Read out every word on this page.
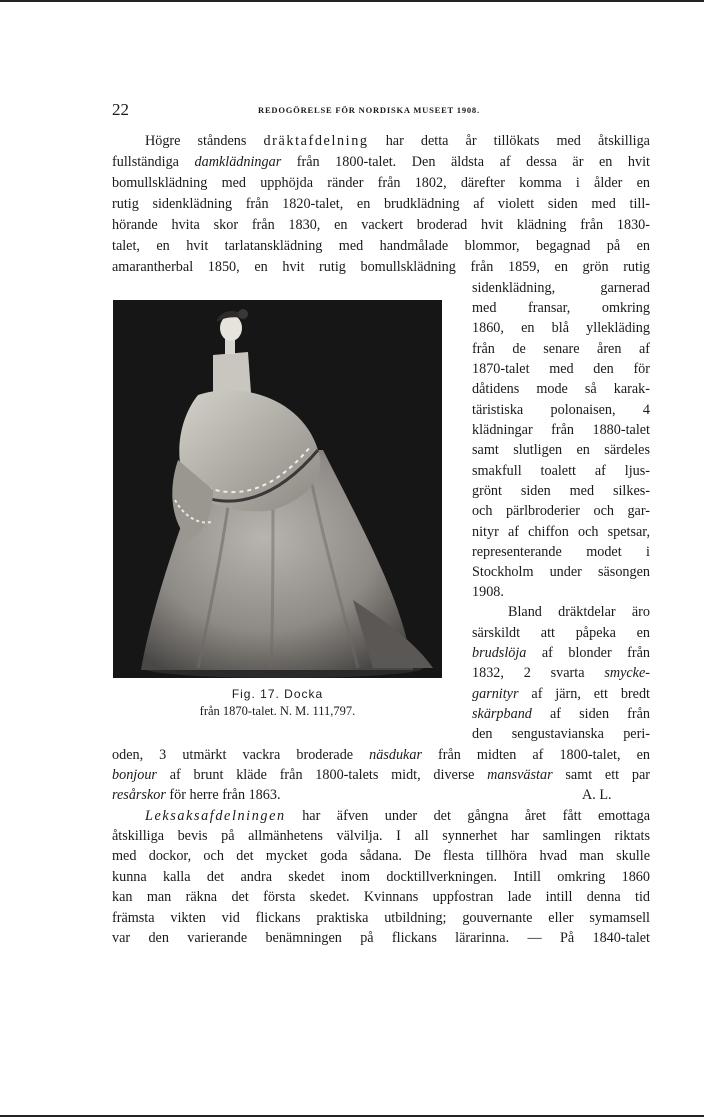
22	REDOGÖRELSE FÖR NORDISKA MUSEET 1908.
Högre ståndens dräktafdelning har detta år tillökats med åtskilliga
fullständiga damklädningar från 1800-talet. Den äldsta af dessa är en hvit
bomullsklädning med upphöjda ränder från 1802, därefter komma i ålder en
rutig sidenklädning från 1820-talet, en brudklädning af violett siden med till-
hörande hvita skor från 1830, en vackert broderad hvit klädning från 1830-
talet, en hvit tarlatansklädning med handmålade blommor, begagnad på en
amarantherbal 1850, en hvit rutig bomullsklädning från 1859, en grön rutig
sidenklädning, garnerad
med fransar, omkring
1860, en blå yllekläding
från de senare åren af
1870-talet med den för
dåtidens mode så karak-
täristiska polonaisen, 4
klädningar från 1880-talet
samt slutligen en särdeles
smakfull toalett af ljus-
grönt siden med silkes-
och pärlbroderier och gar-
nityr af chiffon och spetsar,
representerande modet i
Stockholm under säsongen
1908.
Bland dräktdelar äro
särskildt att påpeka en
brudslöja af blonder från
1832, 2 svarta smycke-
garnityr af järn, ett bredt
skärpband af siden från
den sengustavianska peri-
oden, 3 utmärkt vackra broderade näsdukar från midten af 1800-talet, en
bonjour af brunt kläde från 1800-talets midt, diverse mansvästar samt ett par
resårskor för herre från 1863.	A. L.
Leksaksafdelningen har äfven under det gångna året fått emottaga
åtskilliga bevis på allmänhetens välvilja. I all synnerhet har samlingen riktats
med dockor, och det mycket goda sådana. De flesta tillhöra hvad man skulle
kunna kalla det andra skedet inom docktillverkningen. Intill omkring 1860
kan man räkna det första skedet. Kvinnans uppfostran lade intill denna tid
främsta vikten vid flickans praktiska utbildning; gouvernante eller symamsell
var den varierande benämningen på flickans lärarinna. — På 1840-talet
Fig. 17. Docka
från 1870-talet. N. M. 111,797.
